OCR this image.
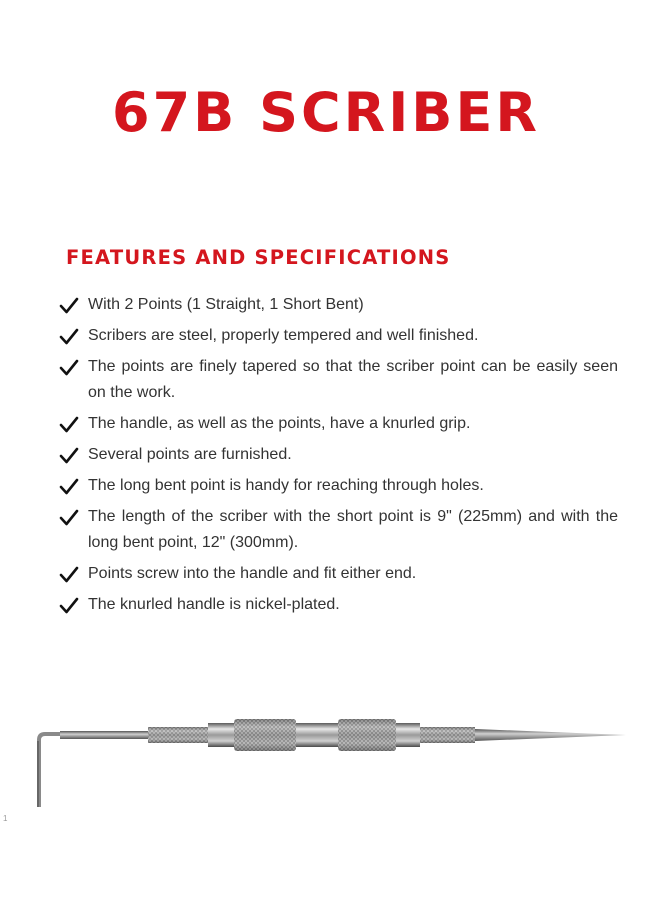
67B SCRIBER
FEATURES AND SPECIFICATIONS
With 2 Points (1 Straight, 1 Short Bent)
Scribers are steel, properly tempered and well finished.
The points are finely tapered so that the scriber point can be easily seen on the work.
The handle, as well as the points, have a knurled grip.
Several points are furnished.
The long bent point is handy for reaching through holes.
The length of the scriber with the short point is 9" (225mm) and with the long bent point, 12" (300mm).
Points screw into the handle and fit either end.
The knurled handle is nickel-plated.
1
